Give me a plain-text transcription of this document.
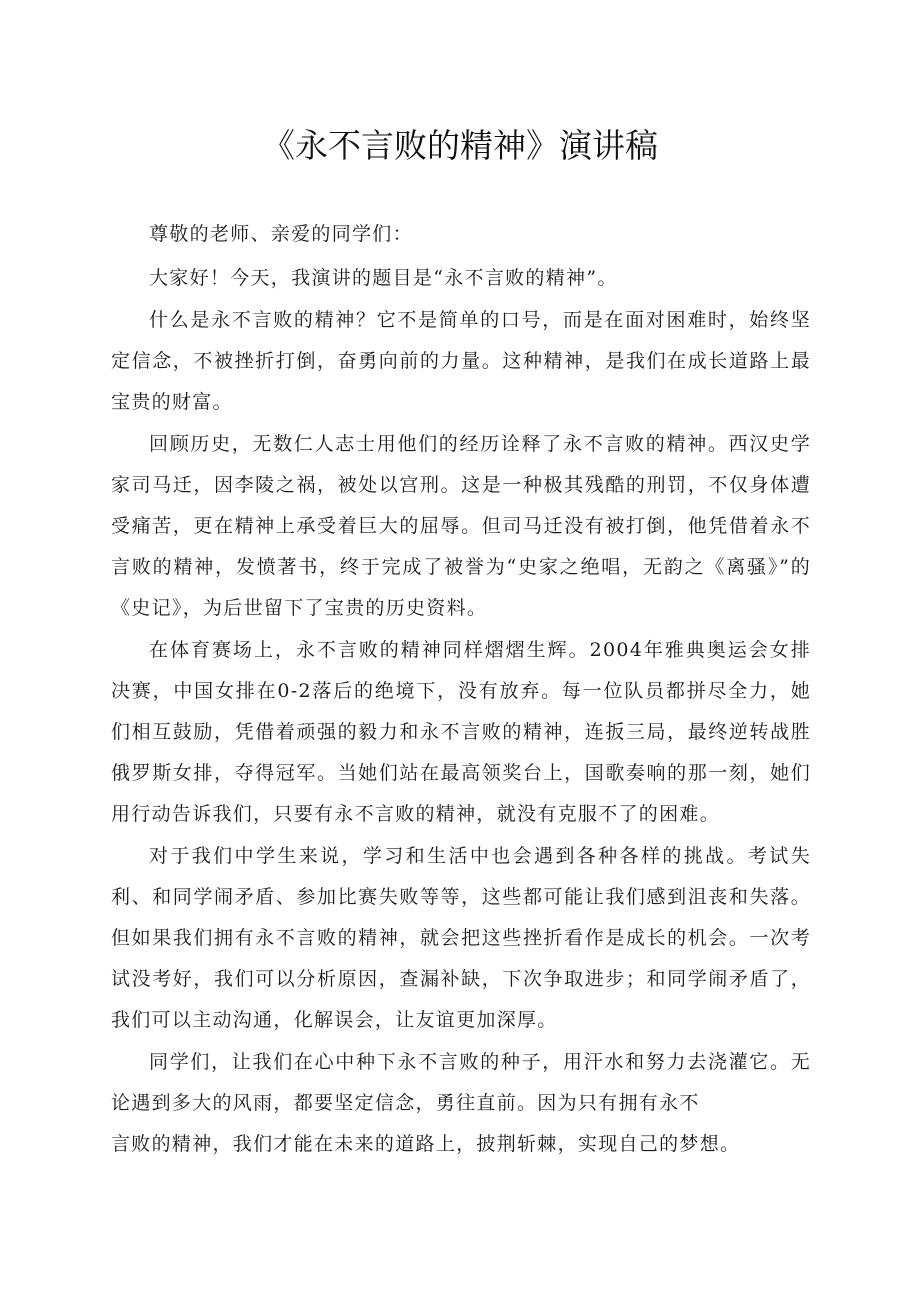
《永不言败的精神》演讲稿

尊敬的老师、亲爱的同学们：

大家好！今天，我演讲的题目是“永不言败的精神”。

什么是永不言败的精神？它不是简单的口号，而是在面对困难时，始终坚定信念，不被挫折打倒，奋勇向前的力量。这种精神，是我们在成长道路上最宝贵的财富。

回顾历史，无数仁人志士用他们的经历诠释了永不言败的精神。西汉史学家司马迁，因李陵之祸，被处以宫刑。这是一种极其残酷的刑罚，不仅身体遭受痛苦，更在精神上承受着巨大的屈辱。但司马迁没有被打倒，他凭借着永不言败的精神，发愤著书，终于完成了被誉为“史家之绝唱，无韵之《离骚》”的《史记》，为后世留下了宝贵的历史资料。

在体育赛场上，永不言败的精神同样熠熠生辉。2004年雅典奥运会女排决赛，中国女排在0-2落后的绝境下，没有放弃。每一位队员都拼尽全力，她们相互鼓励，凭借着顽强的毅力和永不言败的精神，连扳三局，最终逆转战胜俄罗斯女排，夺得冠军。当她们站在最高领奖台上，国歌奏响的那一刻，她们用行动告诉我们，只要有永不言败的精神，就没有克服不了的困难。

对于我们中学生来说，学习和生活中也会遇到各种各样的挑战。考试失利、和同学闹矛盾、参加比赛失败等等，这些都可能让我们感到沮丧和失落。但如果我们拥有永不言败的精神，就会把这些挫折看作是成长的机会。一次考试没考好，我们可以分析原因，查漏补缺，下次争取进步；和同学闹矛盾了，我们可以主动沟通，化解误会，让友谊更加深厚。

同学们，让我们在心中种下永不言败的种子，用汗水和努力去浇灌它。无论遇到多大的风雨，都要坚定信念，勇往直前。因为只有拥有永不
言败的精神，我们才能在未来的道路上，披荆斩棘，实现自己的梦想。
